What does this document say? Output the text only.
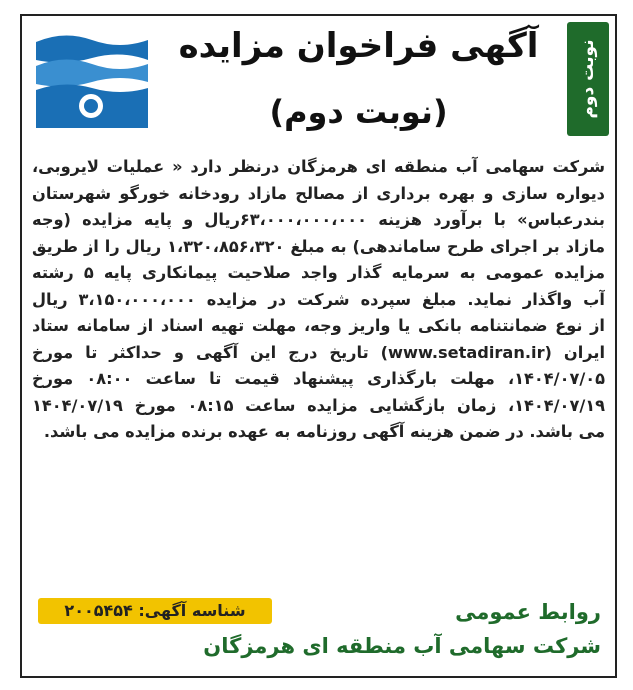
آگهی فراخوان مزایده
(نوبت دوم)	نوبت دوم
شرکت سهامی آب منطقه ای هرمزگان درنظر دارد « عملیات لایروبی،
دیواره سازی و بهره برداری از مصالح مازاد رودخانه خورگو شهرستان
بندرعباس» با برآورد هزینه ۶۳،۰۰۰،۰۰۰،۰۰۰ریال و پایه مزایده (وجه
مازاد بر اجرای طرح ساماندهی) به مبلغ ۱،۳۲۰،۸۵۶،۳۲۰ ریال را از طریق
مزایده عمومی به سرمایه گذار واجد صلاحیت پیمانکاری پایه ۵ رشته
آب واگذار نماید. مبلغ سپرده شرکت در مزایده ۳،۱۵۰،۰۰۰،۰۰۰ ریال
از نوع ضمانتنامه بانکی یا واریز وجه، مهلت تهیه اسناد از سامانه ستاد
ایران (www.setadiran.ir) تاریخ درج این آگهی و حداکثر تا مورخ
۱۴۰۴/۰۷/۰۵، مهلت بارگذاری پیشنهاد قیمت تا ساعت ۰۸:۰۰ مورخ
۱۴۰۴/۰۷/۱۹، زمان بازگشایی مزایده ساعت ۰۸:۱۵ مورخ ۱۴۰۴/۰۷/۱۹
می باشد. در ضمن هزینه آگهی روزنامه به عهده برنده مزایده می باشد.
شناسه آگهی: ۲۰۰۵۴۵۴	روابط عمومی
شرکت سهامی آب منطقه ای هرمزگان
